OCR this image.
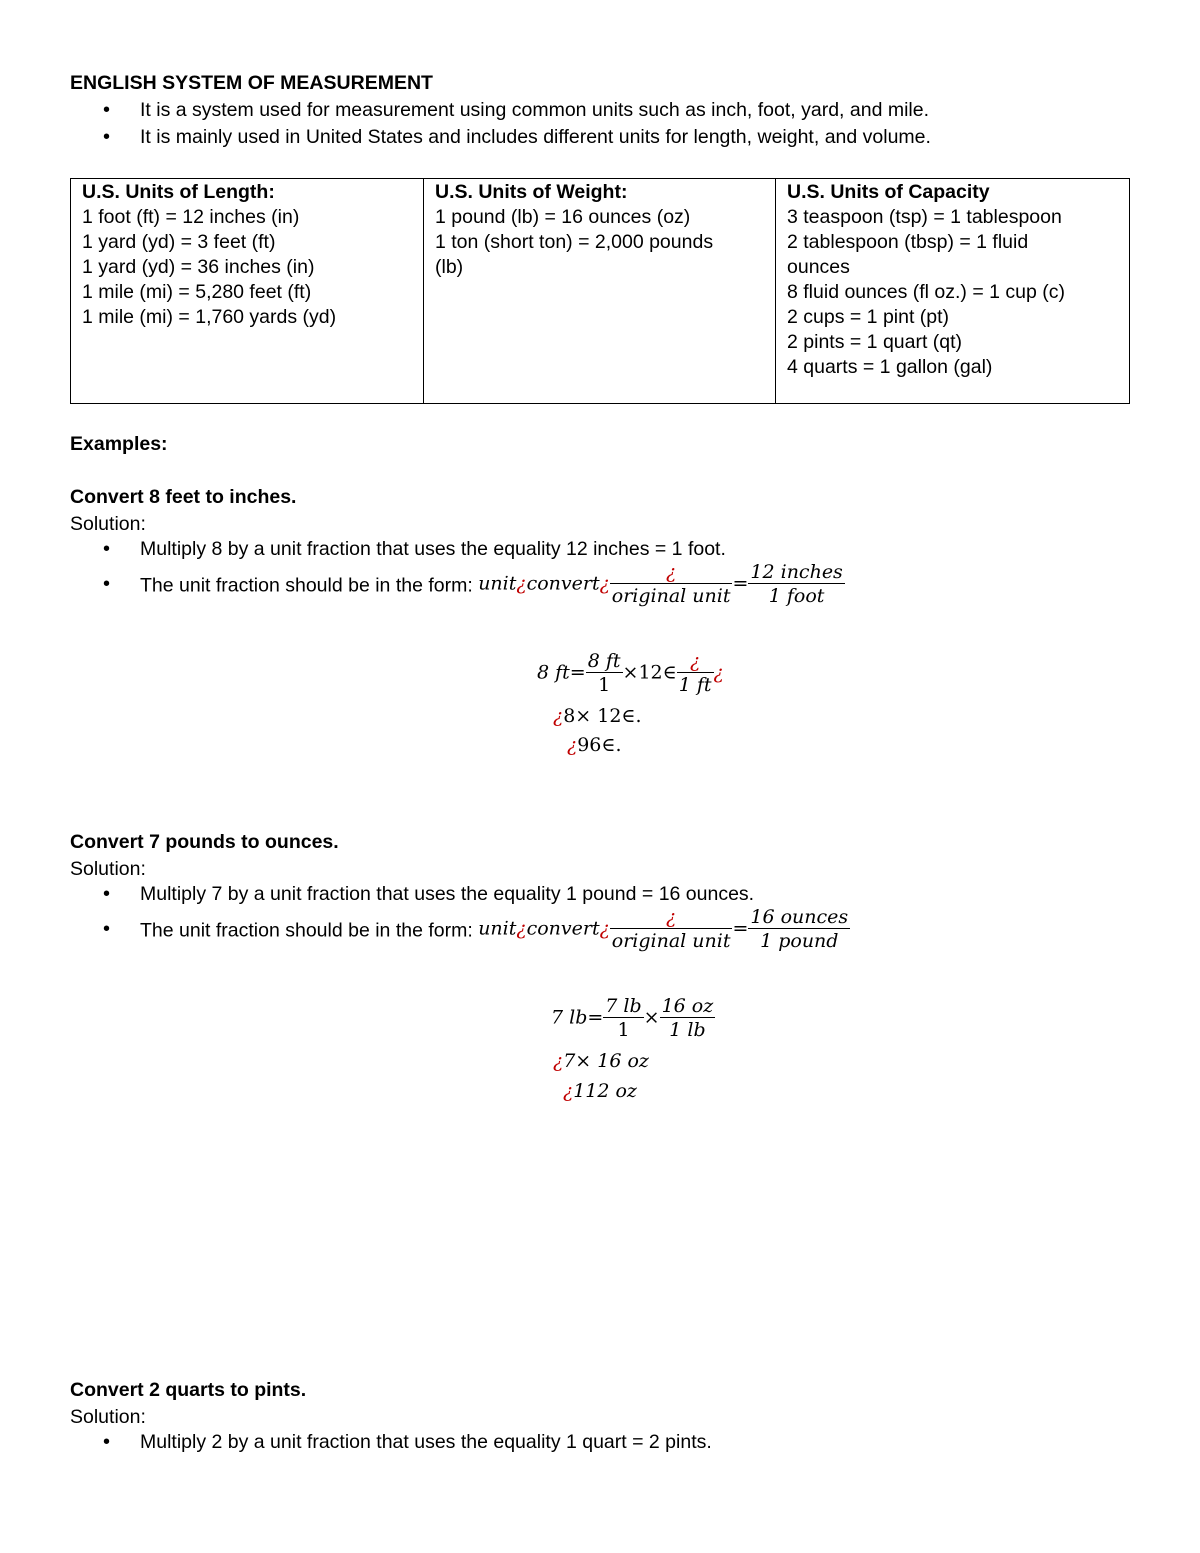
ENGLISH SYSTEM OF MEASUREMENT
• It is a system used for measurement using common units such as inch, foot, yard, and mile.
• It is mainly used in United States and includes different units for length, weight, and volume.
U.S. Units of Length:
1 foot (ft) = 12 inches (in)
1 yard (yd) = 3 feet (ft)
1 yard (yd) = 36 inches (in)
1 mile (mi) = 5,280 feet (ft)
1 mile (mi) = 1,760 yards (yd)

U.S. Units of Weight:
1 pound (lb) = 16 ounces (oz)
1 ton (short ton) = 2,000 pounds
(lb)

U.S. Units of Capacity
3 teaspoon (tsp) = 1 tablespoon
2 tablespoon (tbsp) = 1 fluid
ounces
8 fluid ounces (fl oz.) = 1 cup (c)
2 cups = 1 pint (pt)
2 pints = 1 quart (qt)
4 quarts = 1 gallon (gal)
Examples:
Convert 8 feet to inches.
Solution:
• Multiply 8 by a unit fraction that uses the equality 12 inches = 1 foot.
• The unit fraction should be in the form: unit¿convert¿ $\frac{¿}{\text{original unit}} = \frac{\text{12 inches}}{\text{1 foot}}$
8 $ft= \frac{8 ft}{1}$ ×12∈ $\frac{¿}{1 ft}$ ¿
¿8× 12∈.
¿96∈.
Convert 7 pounds to ounces.
Solution:
• Multiply 7 by a unit fraction that uses the equality 1 pound = 16 ounces.
• The unit fraction should be in the form: unit¿convert¿ $\frac{¿}{\text{original unit}} = \frac{\text{16 ounces}}{\text{1 pound}}$
7 $lb= \frac{7 lb}{1} \times \frac{16 oz}{1 lb}$
¿7× 16 oz
¿112 oz
Convert 2 quarts to pints.
Solution:
• Multiply 2 by a unit fraction that uses the equality 1 quart = 2 pints.
